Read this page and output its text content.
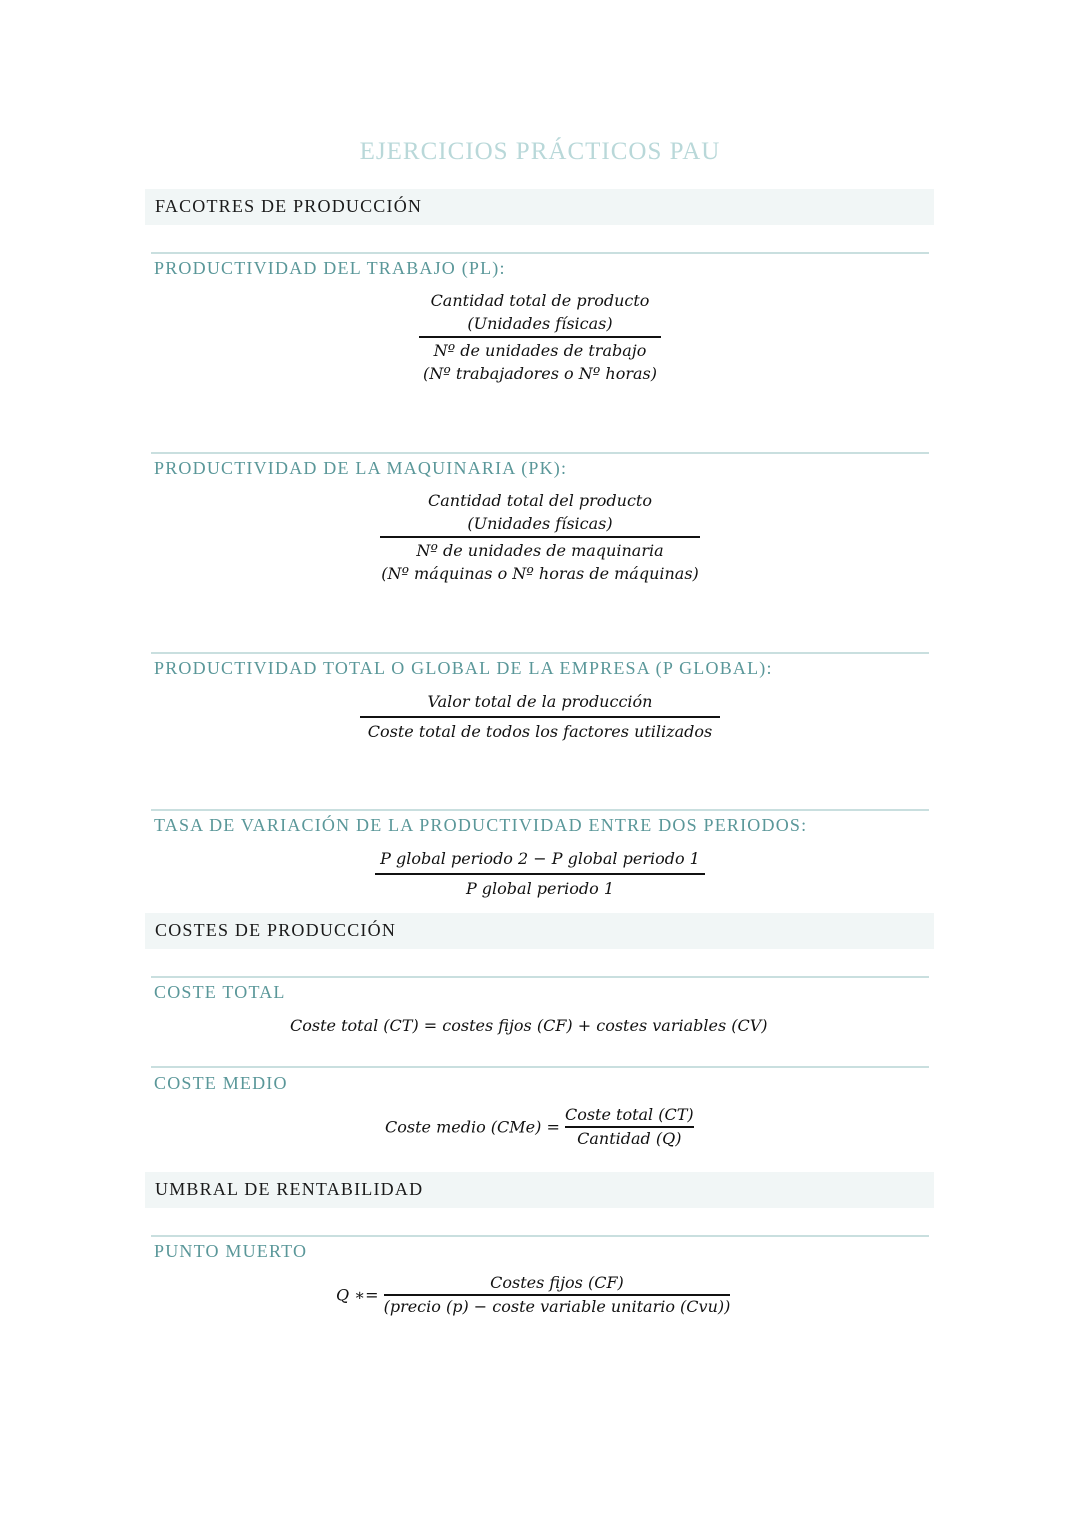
EJERCICIOS PRÁCTICOS PAU
FACOTRES DE PRODUCCIÓN
PRODUCTIVIDAD DEL TRABAJO (PL):
Cantidad total de producto
(Unidades físicas)
Nº de unidades de trabajo
(Nº trabajadores o Nº horas)
PRODUCTIVIDAD DE LA MAQUINARIA (PK):
Cantidad total del producto
(Unidades físicas)
Nº de unidades de maquinaria
(Nº máquinas o Nº horas de máquinas)
PRODUCTIVIDAD TOTAL O GLOBAL DE LA EMPRESA (P GLOBAL):
Valor total de la producción
Coste total de todos los factores utilizados
TASA DE VARIACIÓN DE LA PRODUCTIVIDAD ENTRE DOS PERIODOS:
P global periodo 2 − P global periodo 1
P global periodo 1
COSTES DE PRODUCCIÓN
COSTE TOTAL
Coste total (CT) = costes fijos (CF) + costes variables (CV)
COSTE MEDIO
Coste medio $(CMe) = \frac{\text{Coste total (CT)}}{\text{Cantidad (Q)}}$
UMBRAL DE RENTABILIDAD
PUNTO MUERTO
Q ∗= $\frac{\text{Costes fijos (CF)}}{\text{(precio (p) − coste variable unitario (Cvu))}}$
